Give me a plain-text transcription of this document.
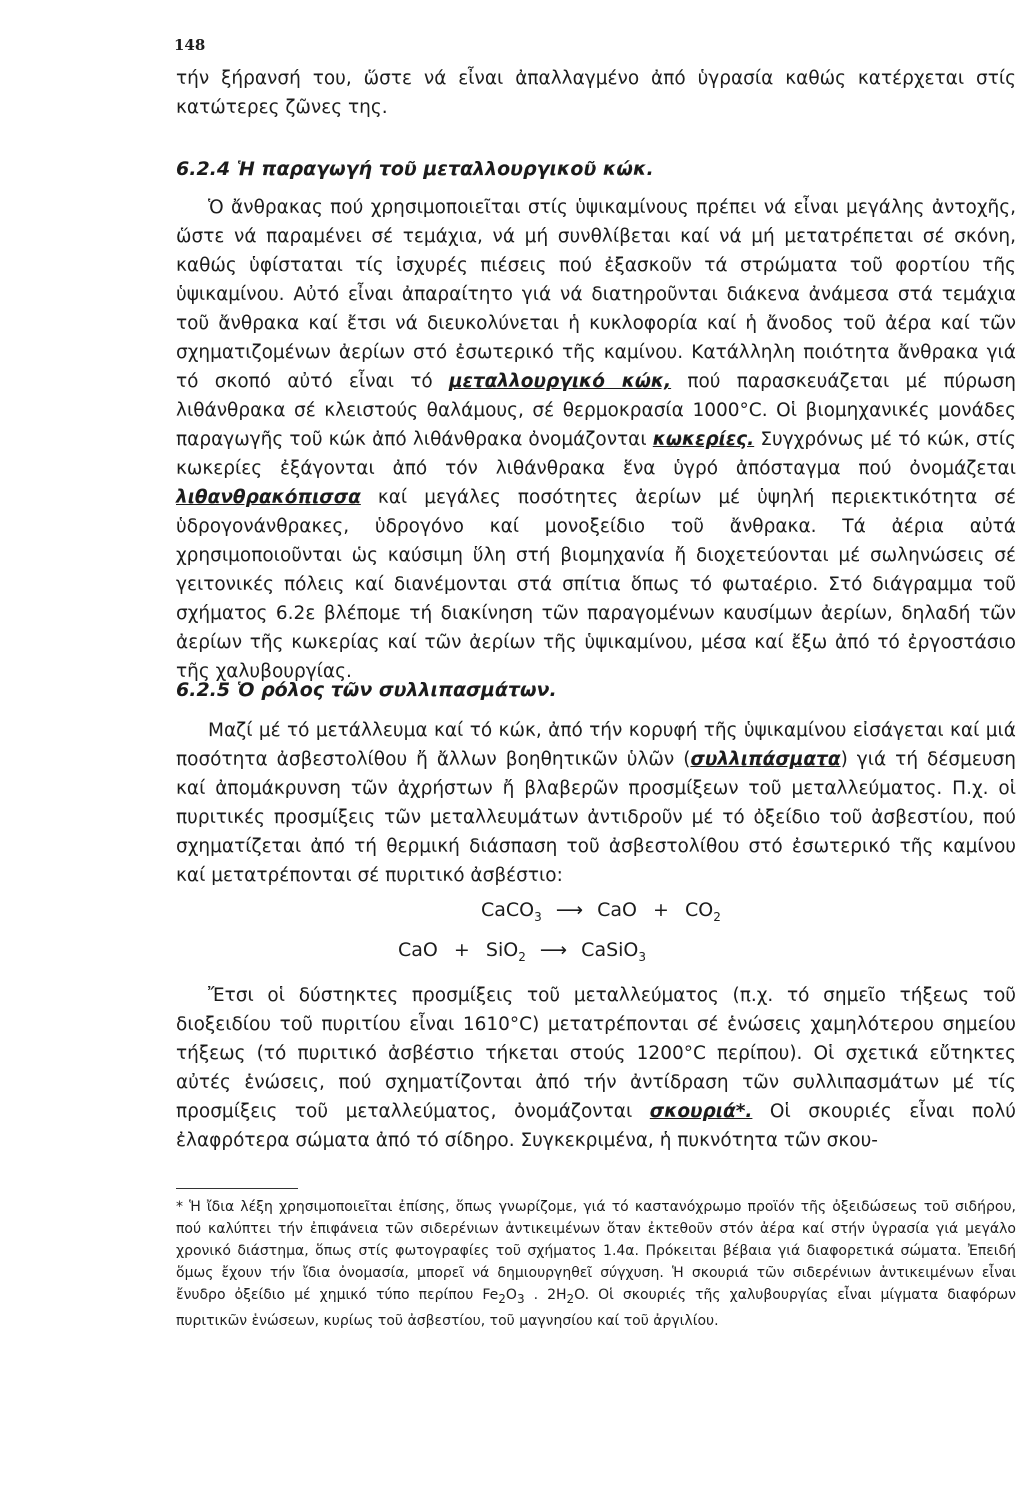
148

τήν ξήρανσή του, ὥστε νά εἶναι ἀπαλλαγμένο ἀπό ὑγρασία καθώς κατέρχεται στίς κατώτερες ζῶνες της.

6.2.4 Ἡ παραγωγή τοῦ μεταλλουργικοῦ κώκ.

Ὁ ἄνθρακας πού χρησιμοποιεῖται στίς ὑψικαμίνους πρέπει νά εἶναι μεγάλης ἀντοχῆς, ὥστε νά παραμένει σέ τεμάχια, νά μή συνθλίβεται καί νά μή μετατρέπεται σέ σκόνη, καθώς ὑφίσταται τίς ἰσχυρές πιέσεις πού ἐξασκοῦν τά στρώματα τοῦ φορτίου τῆς ὑψικαμίνου. Αὐτό εἶναι ἀπαραίτητο γιά νά διατηροῦνται διάκενα ἀνάμεσα στά τεμάχια τοῦ ἄνθρακα καί ἔτσι νά διευκολύνεται ἡ κυκλοφορία καί ἡ ἄνοδος τοῦ ἀέρα καί τῶν σχηματιζομένων ἀερίων στό ἐσωτερικό τῆς καμίνου. Κατάλληλη ποιότητα ἄνθρακα γιά τό σκοπό αὐτό εἶναι τό μεταλλουργικό κώκ, πού παρασκευάζεται μέ πύρωση λιθάνθρακα σέ κλειστούς θαλάμους, σέ θερμοκρασία 1000°C. Οἱ βιομηχανικές μονάδες παραγωγῆς τοῦ κώκ ἀπό λιθάνθρακα ὀνομάζονται κωκερίες. Συγχρόνως μέ τό κώκ, στίς κωκερίες ἐξάγονται ἀπό τόν λιθάνθρακα ἕνα ὑγρό ἀπόσταγμα πού ὀνομάζεται λιθανθρακόπισσα καί μεγάλες ποσότητες ἀερίων μέ ὑψηλή περιεκτικότητα σέ ὑδρογονάνθρακες, ὑδρογόνο καί μονοξείδιο τοῦ ἄνθρακα. Τά ἀέρια αὐτά χρησιμοποιοῦνται ὡς καύσιμη ὕλη στή βιομηχανία ἤ διοχετεύονται μέ σωληνώσεις σέ γειτονικές πόλεις καί διανέμονται στά σπίτια ὅπως τό φωταέριο. Στό διάγραμμα τοῦ σχήματος 6.2ε βλέπομε τή διακίνηση τῶν παραγομένων καυσίμων ἀερίων, δηλαδή τῶν ἀερίων τῆς κωκερίας καί τῶν ἀερίων τῆς ὑψικαμίνου, μέσα καί ἔξω ἀπό τό ἐργοστάσιο τῆς χαλυβουργίας.

6.2.5 Ὁ ρόλος τῶν συλλιπασμάτων.

Μαζί μέ τό μετάλλευμα καί τό κώκ, ἀπό τήν κορυφή τῆς ὑψικαμίνου εἰσάγεται καί μιά ποσότητα ἀσβεστολίθου ἤ ἄλλων βοηθητικῶν ὑλῶν (συλλιπάσματα) γιά τή δέσμευση καί ἀπομάκρυνση τῶν ἀχρήστων ἤ βλαβερῶν προσμίξεων τοῦ μεταλλεύματος. Π.χ. οἱ πυριτικές προσμίξεις τῶν μεταλλευμάτων ἀντιδροῦν μέ τό ὀξείδιο τοῦ ἀσβεστίου, πού σχηματίζεται ἀπό τή θερμική διάσπαση τοῦ ἀσβεστολίθου στό ἐσωτερικό τῆς καμίνου καί μετατρέπονται σέ πυριτικό ἀσβέστιο:

CaCO$_3$ ⟶ CaO + $CO_2$
CaO + SiO$_2$ ⟶ CaSiO$_3$

Ἔτσι οἱ δύστηκτες προσμίξεις τοῦ μεταλλεύματος (π.χ. τό σημεῖο τήξεως τοῦ διοξειδίου τοῦ πυριτίου εἶναι 1610°C) μετατρέπονται σέ ἑνώσεις χαμηλότερου σημείου τήξεως (τό πυριτικό ἀσβέστιο τήκεται στούς 1200°C περίπου). Οἱ σχετικά εὔτηκτες αὐτές ἑνώσεις, πού σχηματίζονται ἀπό τήν ἀντίδραση τῶν συλλιπασμάτων μέ τίς προσμίξεις τοῦ μεταλλεύματος, ὀνομάζονται σκουριά*. Οἱ σκουριές εἶναι πολύ ἐλαφρότερα σώματα ἀπό τό σίδηρο. Συγκεκριμένα, ἡ πυκνότητα τῶν σκου-

* Ἡ ἴδια λέξη χρησιμοποιεῖται ἐπίσης, ὅπως γνωρίζομε, γιά τό καστανόχρωμο προϊόν τῆς ὀξειδώσεως τοῦ σιδήρου, πού καλύπτει τήν ἐπιφάνεια τῶν σιδερένιων ἀντικειμένων ὅταν ἐκτεθοῦν στόν ἀέρα καί στήν ὑγρασία γιά μεγάλο χρονικό διάστημα, ὅπως στίς φωτογραφίες τοῦ σχήματος 1.4α. Πρόκειται βέβαια γιά διαφορετικά σώματα. Ἐπειδή ὅμως ἔχουν τήν ἴδια ὀνομασία, μπορεῖ νά δημιουργηθεῖ σύγχυση. Ἡ σκουριά τῶν σιδερένιων ἀντικειμένων εἶναι ἔνυδρο ὀξείδιο μέ χημικό τύπο περίπου $Fe_2O_3$ . $2H_2O$. Οἱ σκουριές τῆς χαλυβουργίας εἶναι μίγματα διαφόρων πυριτικῶν ἑνώσεων, κυρίως τοῦ ἀσβεστίου, τοῦ μαγνησίου καί τοῦ ἀργιλίου.
